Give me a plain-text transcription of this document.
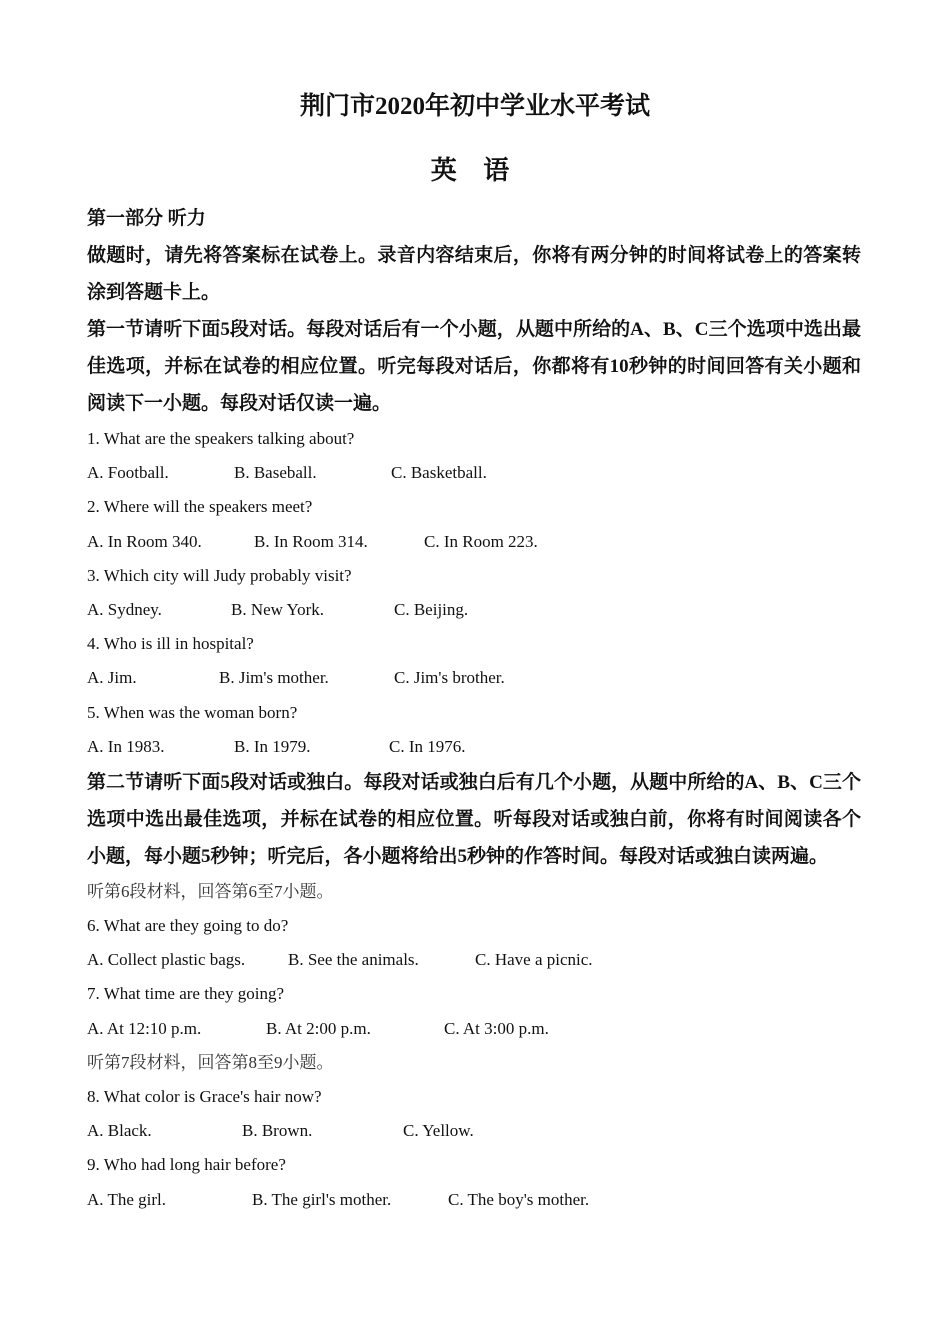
荆门市2020年初中学业水平考试
英 语
第一部分 听力
做题时，请先将答案标在试卷上。录音内容结束后，你将有两分钟的时间将试卷上的答案转涂到答题卡上。
第一节请听下面5段对话。每段对话后有一个小题，从题中所给的A、B、C三个选项中选出最佳选项，并标在试卷的相应位置。听完每段对话后，你都将有10秒钟的时间回答有关小题和阅读下一小题。每段对话仅读一遍。
1. What are the speakers talking about?
A. Football.	B. Baseball.	C. Basketball.
2. Where will the speakers meet?
A. In Room 340.	B. In Room 314.	C. In Room 223.
3. Which city will Judy probably visit?
A. Sydney.	B. New York.	C. Beijing.
4. Who is ill in hospital?
A. Jim.	B. Jim's mother.	C. Jim's brother.
5. When was the woman born?
A. In 1983.	B. In 1979.	C. In 1976.
第二节请听下面5段对话或独白。每段对话或独白后有几个小题，从题中所给的A、B、C三个选项中选出最佳选项，并标在试卷的相应位置。听每段对话或独白前，你将有时间阅读各个小题，每小题5秒钟；听完后，各小题将给出5秒钟的作答时间。每段对话或独白读两遍。
听第6段材料，回答第6至7小题。
6. What are they going to do?
A. Collect plastic bags.	B. See the animals.	C. Have a picnic.
7. What time are they going?
A. At 12:10 p.m.	B. At 2:00 p.m.	C. At 3:00 p.m.
听第7段材料，回答第8至9小题。
8. What color is Grace's hair now?
A. Black.	B. Brown.	C. Yellow.
9. Who had long hair before?
A. The girl.	B. The girl's mother.	C. The boy's mother.
